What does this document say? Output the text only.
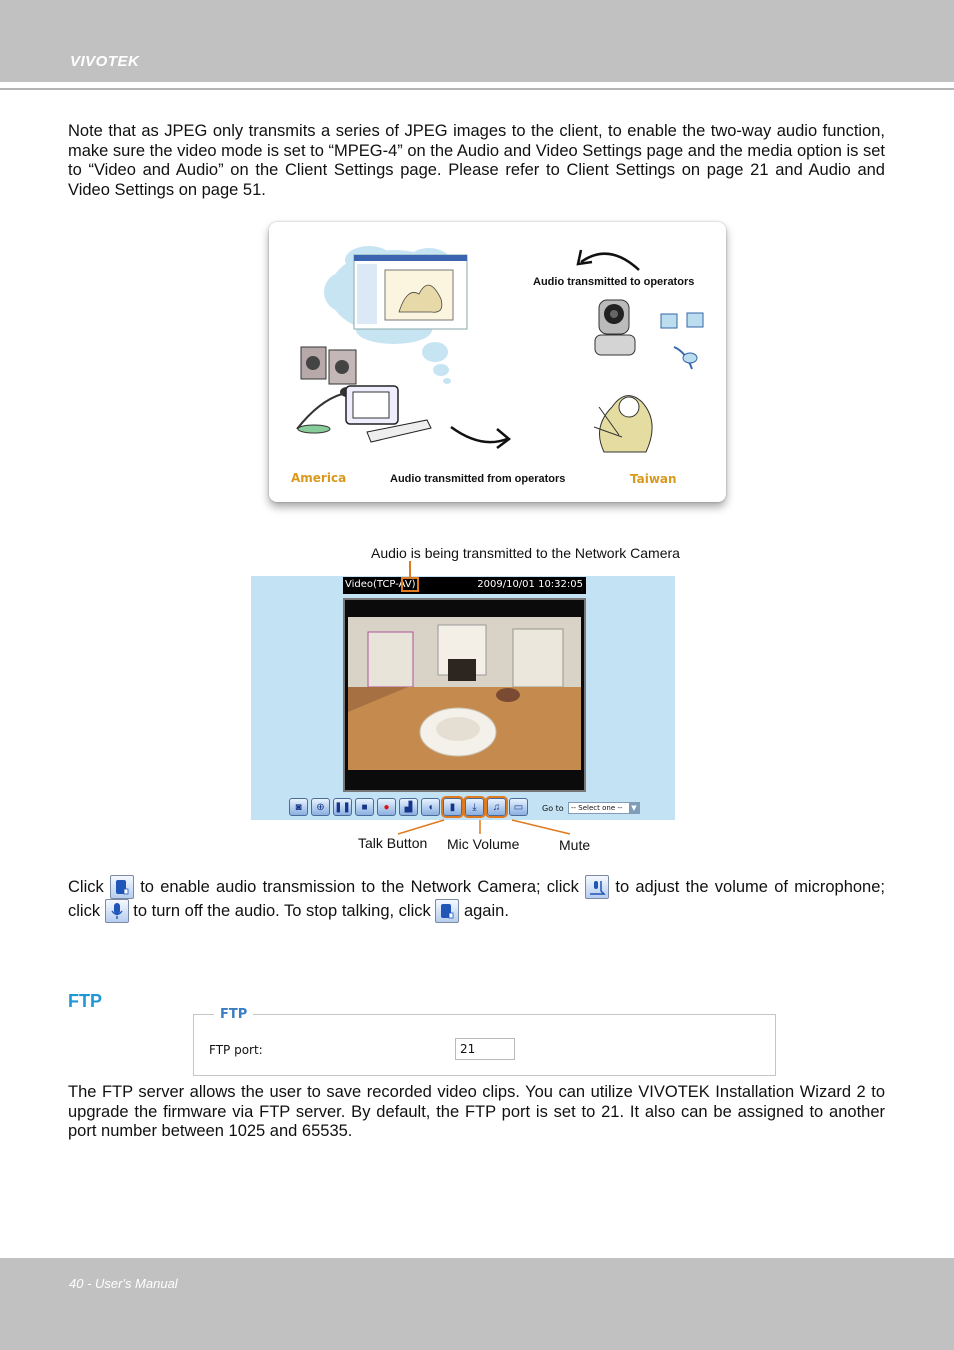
VIVOTEK
Note that as JPEG only transmits a series of JPEG images to the client, to enable the two-way audio function, make sure the video mode is set to “MPEG-4” on the Audio and Video Settings page and the media option is set to “Video and Audio” on the Client Settings page. Please refer to Client Settings on page 21 and Audio and Video Settings on page 51.
Audio transmitted to operators
Audio transmitted from operators
America	Taiwan
Audio is being transmitted to the Network Camera
Video(TCP-AV)	2009/10/01 10:32:05
◙	⊕ ❚❚	■	●	▟	◖	▮	⤓	♫	▭	Go to	-- Select one --	▼
Talk Button Mic Volume	Mute
Click to enable audio transmission to the Network Camera; click to adjust the volume of microphone; click to turn off the audio. To stop talking, click again.
FTP
FTP
FTP port:	21
The FTP server allows the user to save recorded video clips. You can utilize VIVOTEK Installation Wizard 2 to upgrade the firmware via FTP server. By default, the FTP port is set to 21. It also can be assigned to another port number between 1025 and 65535.
40 - User's Manual
